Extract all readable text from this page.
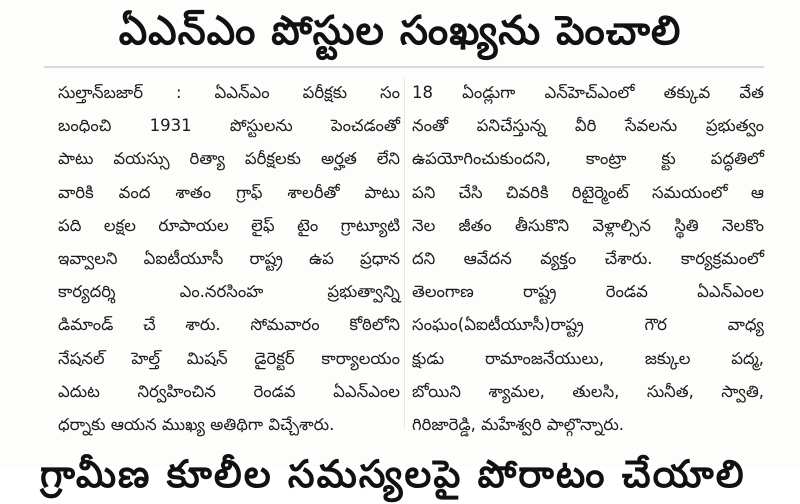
ఏఎన్ఎం పోస్టుల సంఖ్యను పెంచాలి
సుల్తాన్‌బజార్ : ఏఎన్ఎం పరీక్షకు సం
బంధించి 1931 పోస్టులను పెంచడంతో
పాటు వయస్సు రిత్యా పరీక్షలకు అర్హత లేని
వారికి వంద శాతం గ్రాఫ్ శాలరీతో పాటు
పది లక్షల రూపాయల లైఫ్ టైం గ్రాట్యూటి
ఇవ్వాలని ఏఐటీయూసీ రాష్ట్ర ఉప ప్రధాన
కార్యదర్శి ఎం.నరసింహ ప్రభుత్వాన్ని
డిమాండ్ చే శారు. సోమవారం కోఠిలోని
నేషనల్ హెల్త్ మిషన్ డైరెక్టర్ కార్యాలయం
ఎదుట నిర్వహించిన రెండవ ఏఎన్ఎంల
ధర్నాకు ఆయన ముఖ్య అతిథిగా విచ్చేశారు.
18 ఏండ్లుగా ఎన్‌హెచ్ఎంలో తక్కువ వేత
నంతో పనిచేస్తున్న వీరి సేవలను ప్రభుత్వం
ఉపయోగించుకుందని, కాంట్రా క్టు పద్ధతిలో
పని చేసి చివరికి రిటైర్మెంట్ సమయంలో ఆ
నెల జీతం తీసుకొని వెళ్లాల్సిన స్థితి నెలకొం
దని ఆవేదన వ్యక్తం చేశారు. కార్యక్రమంలో
తెలంగాణ రాష్ట్ర రెండవ ఏఎన్ఎంల
సంఘం(ఏఐటీయూసీ)రాష్ట్ర గౌర వాధ్య
క్షుడు రామాంజనేయులు, జక్కుల పద్మ,
బోయిని శ్యామల, తులసి, సునీత, స్వాతి,
గిరిజారెడ్డి, మహేశ్వరి పాల్గొన్నారు.
గ్రామీణ కూలీల సమస్యలపై పోరాటం చేయాలి
